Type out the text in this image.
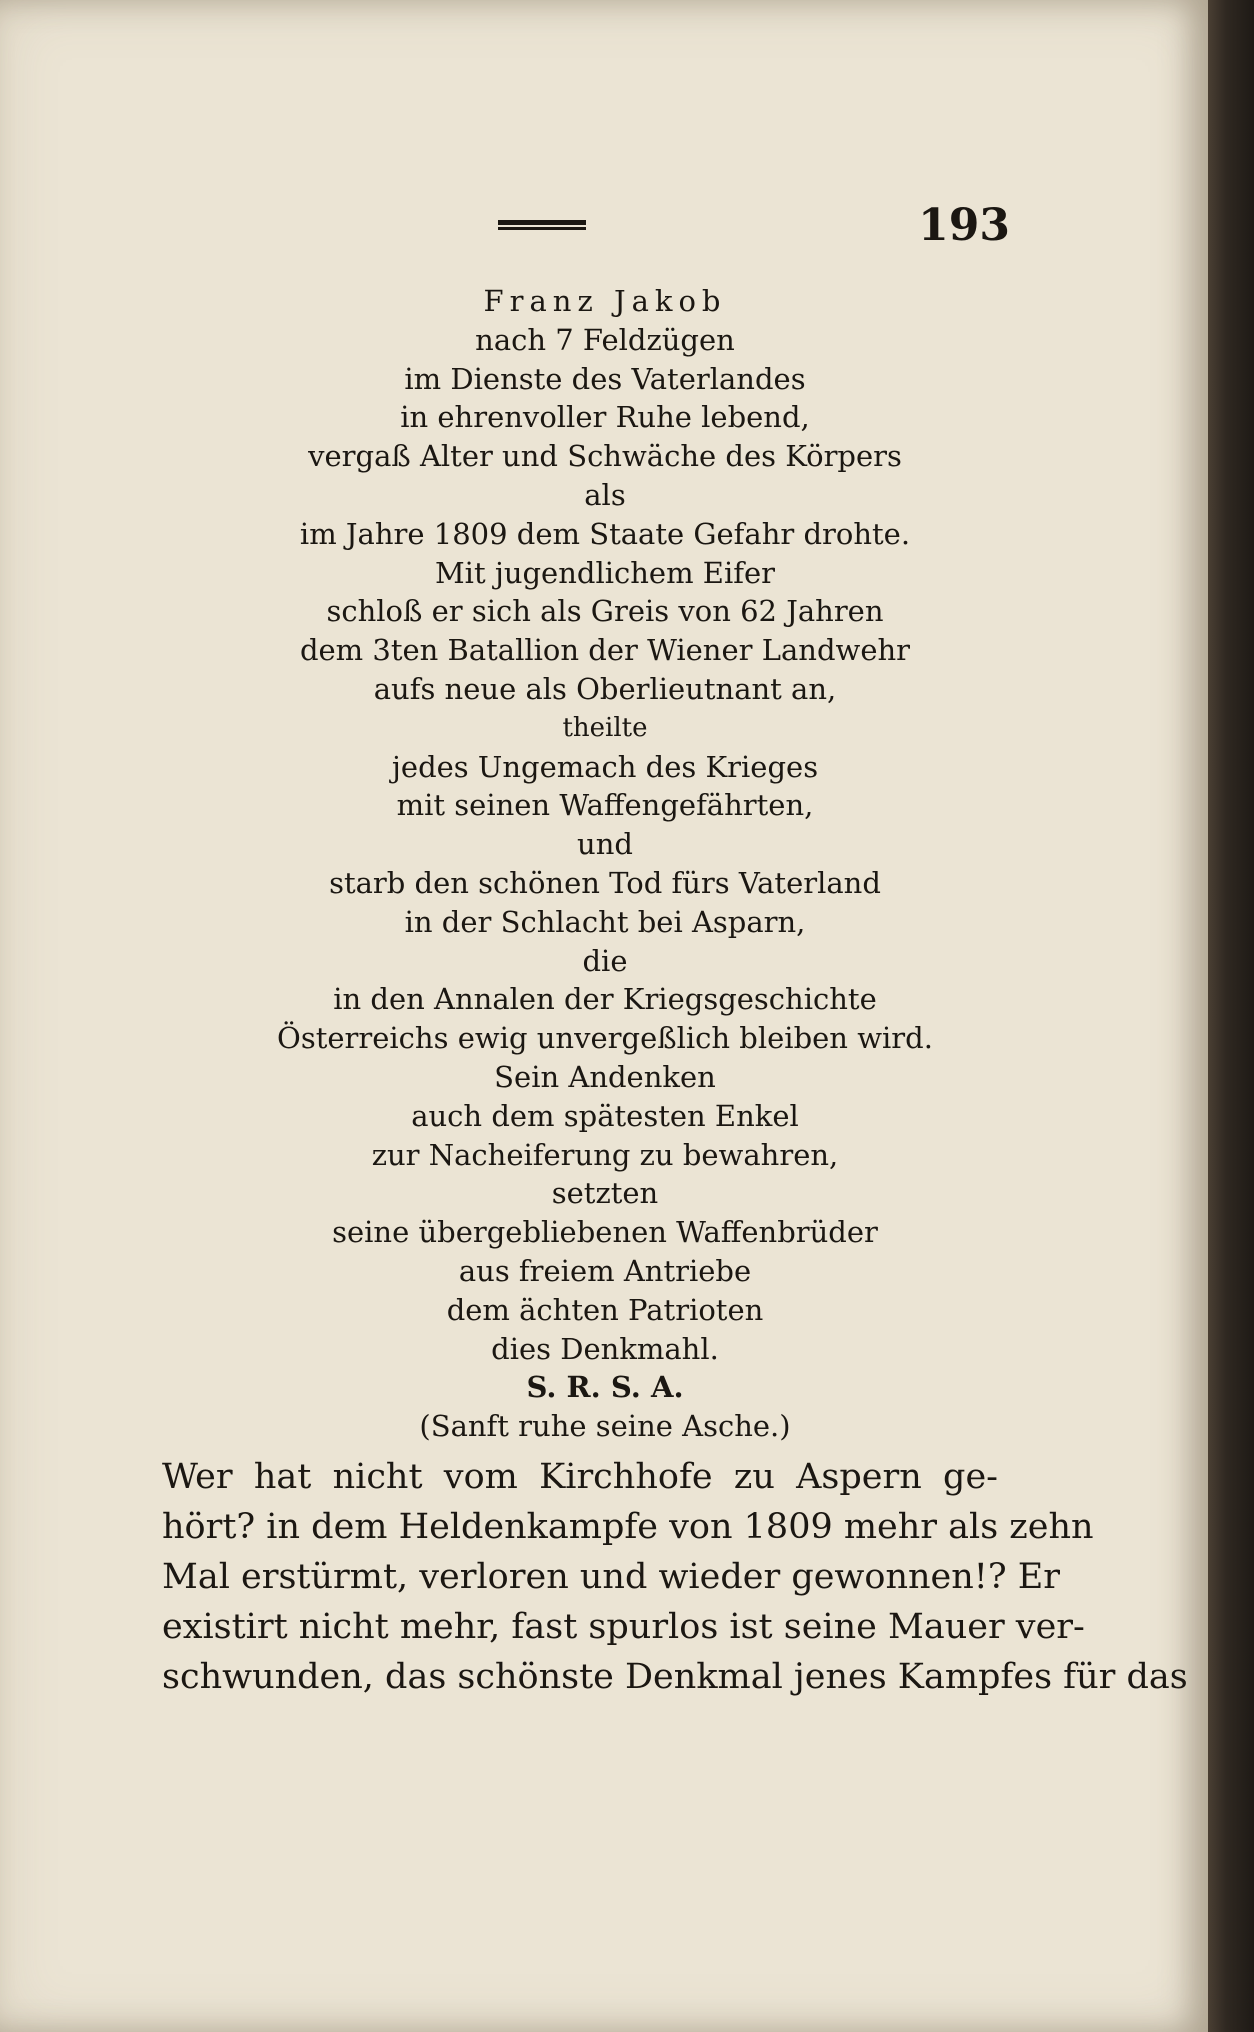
193
Franz Jakob
nach 7 Feldzügen
im Dienste des Vaterlandes
in ehrenvoller Ruhe lebend,
vergaß Alter und Schwäche des Körpers
als
im Jahre 1809 dem Staate Gefahr drohte.
Mit jugendlichem Eifer
schloß er sich als Greis von 62 Jahren
dem 3ten Batallion der Wiener Landwehr
aufs neue als Oberlieutnant an,
theilte
jedes Ungemach des Krieges
mit seinen Waffengefährten,
und
starb den schönen Tod fürs Vaterland
in der Schlacht bei Asparn,
die
in den Annalen der Kriegsgeschichte
Österreichs ewig unvergeßlich bleiben wird.
Sein Andenken
auch dem spätesten Enkel
zur Nacheiferung zu bewahren,
setzten
seine übergebliebenen Waffenbrüder
aus freiem Antriebe
dem ächten Patrioten
dies Denkmahl.
S. R. S. A.
(Sanft ruhe seine Asche.)
Wer hat nicht vom Kirchhofe zu Aspern ge-
hört? in dem Heldenkampfe von 1809 mehr als zehn
Mal erstürmt, verloren und wieder gewonnen!? Er
existirt nicht mehr, fast spurlos ist seine Mauer ver-
schwunden, das schönste Denkmal jenes Kampfes für das
